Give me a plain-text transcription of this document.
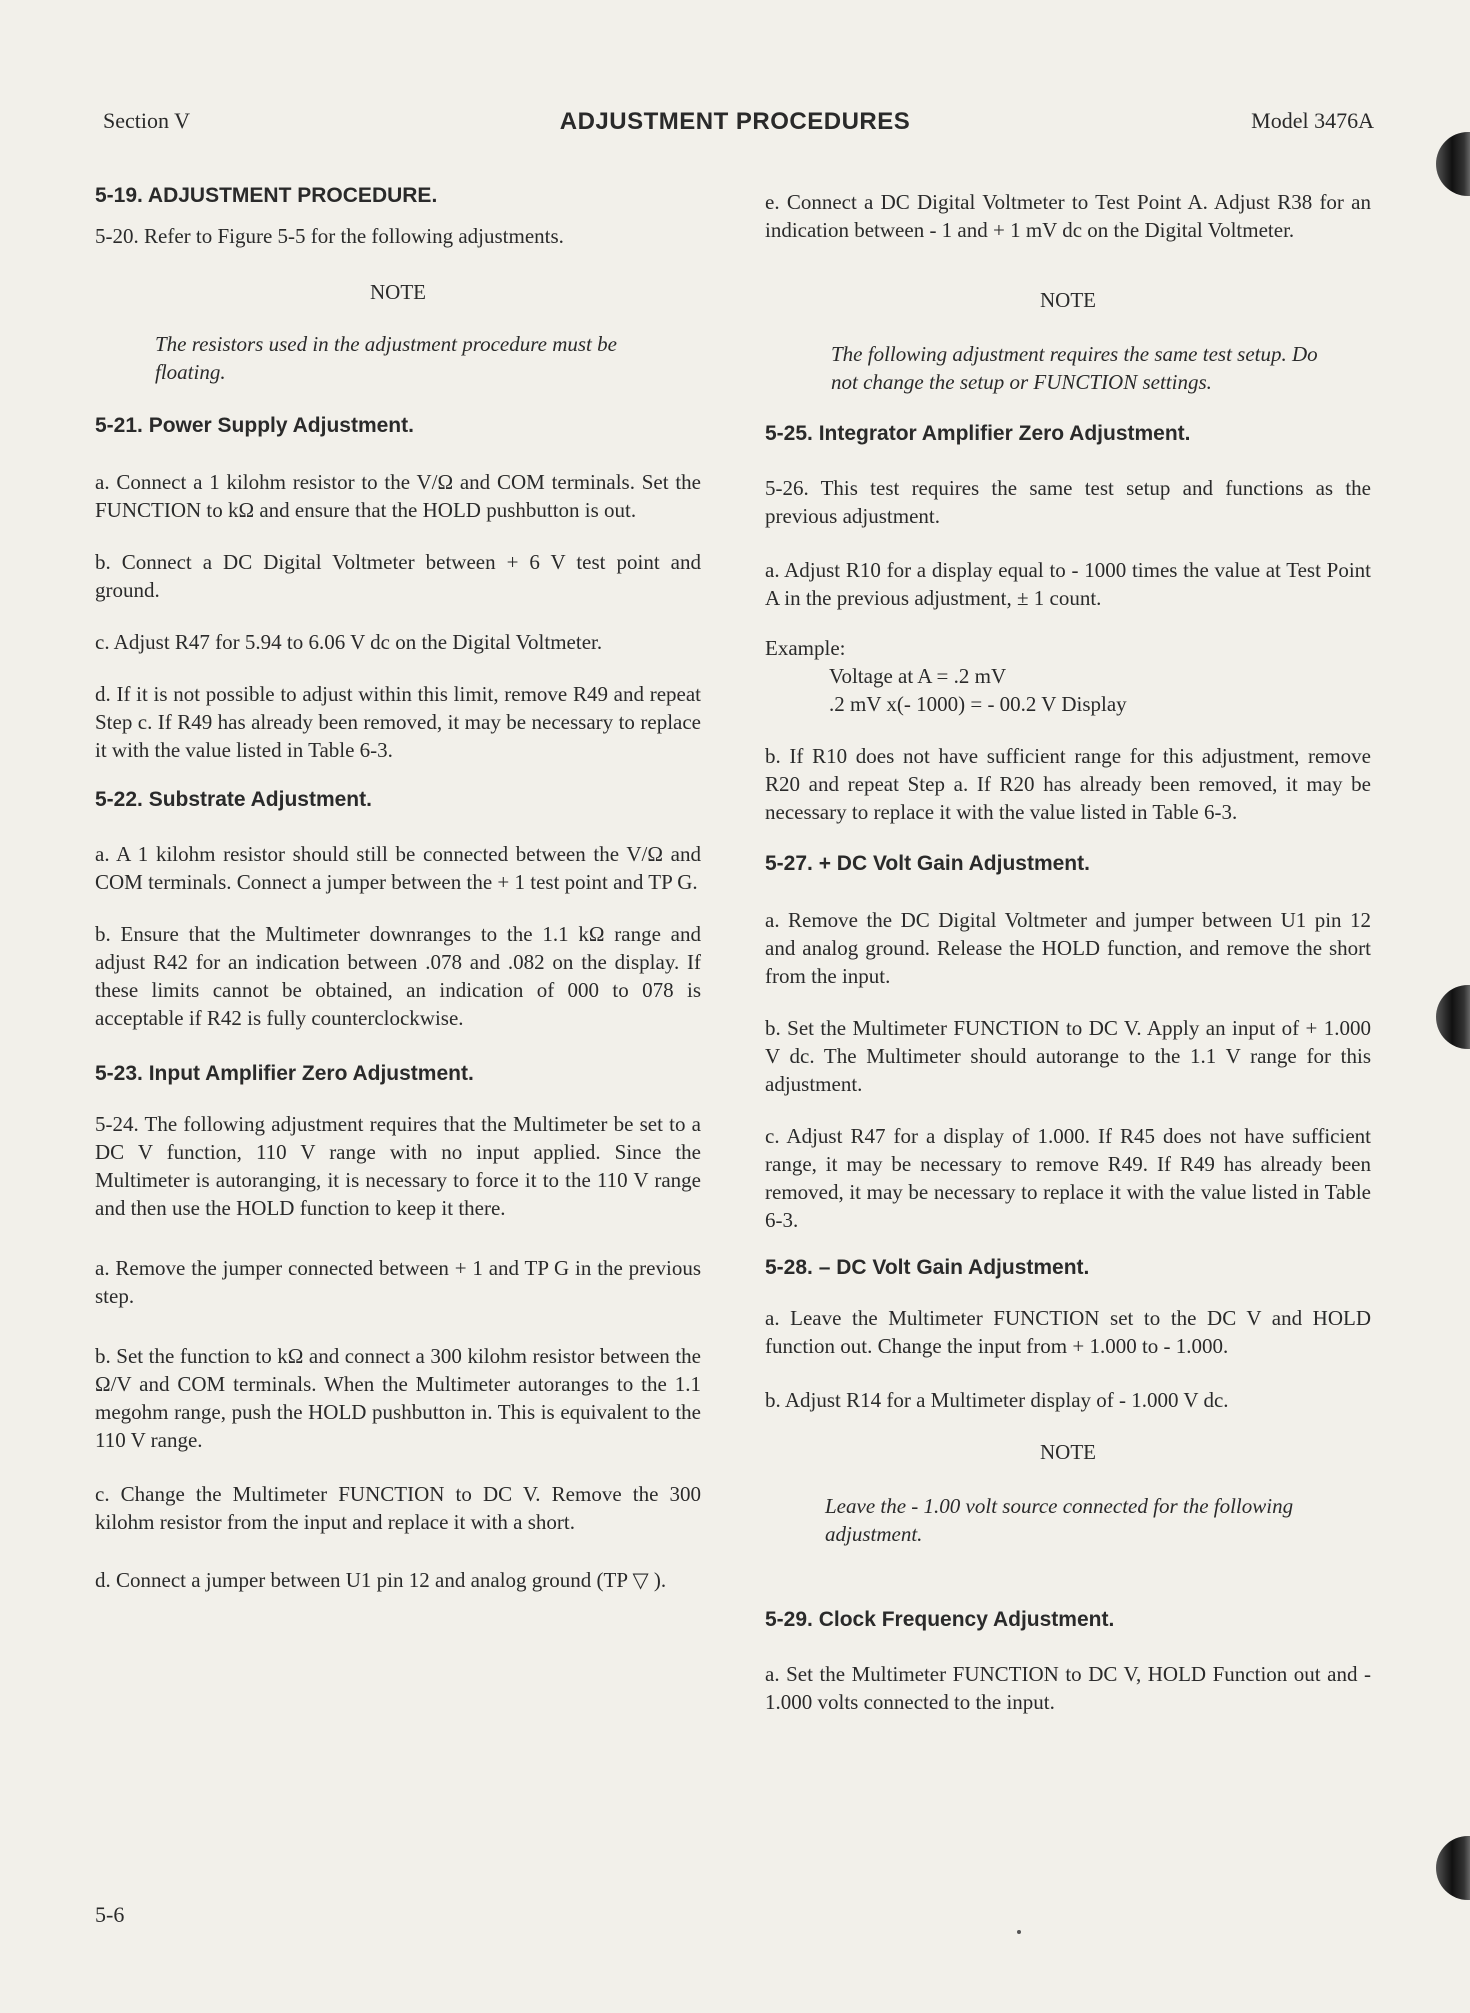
Section V	ADJUSTMENT PROCEDURES	Model 3476A

5-19. ADJUSTMENT PROCEDURE.

5-20. Refer to Figure 5-5 for the following adjustments.

NOTE

The resistors used in the adjustment procedure must be floating.

5-21. Power Supply Adjustment.

a. Connect a 1 kilohm resistor to the V/Ω and COM terminals. Set the FUNCTION to kΩ and ensure that the HOLD pushbutton is out.

b. Connect a DC Digital Voltmeter between + 6 V test point and ground.

c. Adjust R47 for 5.94 to 6.06 V dc on the Digital Voltmeter.

d. If it is not possible to adjust within this limit, remove R49 and repeat Step c. If R49 has already been removed, it may be necessary to replace it with the value listed in Table 6-3.

5-22. Substrate Adjustment.

a. A 1 kilohm resistor should still be connected between the V/Ω and COM terminals. Connect a jumper between the + 1 test point and TP G.

b. Ensure that the Multimeter downranges to the 1.1 kΩ range and adjust R42 for an indication between .078 and .082 on the display. If these limits cannot be obtained, an indication of 000 to 078 is acceptable if R42 is fully counterclockwise.

5-23. Input Amplifier Zero Adjustment.

5-24. The following adjustment requires that the Multimeter be set to a DC V function, 110 V range with no input applied. Since the Multimeter is autoranging, it is necessary to force it to the 110 V range and then use the HOLD function to keep it there.

a. Remove the jumper connected between + 1 and TP G in the previous step.

b. Set the function to kΩ and connect a 300 kilohm resistor between the Ω/V and COM terminals. When the Multimeter autoranges to the 1.1 megohm range, push the HOLD pushbutton in. This is equivalent to the 110 V range.

c. Change the Multimeter FUNCTION to DC V. Remove the 300 kilohm resistor from the input and replace it with a short.

d. Connect a jumper between U1 pin 12 and analog ground (TP ▽ ).

e. Connect a DC Digital Voltmeter to Test Point A. Adjust R38 for an indication between - 1 and + 1 mV dc on the Digital Voltmeter.

NOTE

The following adjustment requires the same test setup. Do not change the setup or FUNCTION settings.

5-25. Integrator Amplifier Zero Adjustment.

5-26. This test requires the same test setup and functions as the previous adjustment.

a. Adjust R10 for a display equal to - 1000 times the value at Test Point A in the previous adjustment, ± 1 count.

Example:

Voltage at A = .2 mV

.2 mV x(- 1000) = - 00.2 V Display

b. If R10 does not have sufficient range for this adjustment, remove R20 and repeat Step a. If R20 has already been removed, it may be necessary to replace it with the value listed in Table 6-3.

5-27. + DC Volt Gain Adjustment.

a. Remove the DC Digital Voltmeter and jumper between U1 pin 12 and analog ground. Release the HOLD function, and remove the short from the input.

b. Set the Multimeter FUNCTION to DC V. Apply an input of + 1.000 V dc. The Multimeter should autorange to the 1.1 V range for this adjustment.

c. Adjust R47 for a display of 1.000. If R45 does not have sufficient range, it may be necessary to remove R49. If R49 has already been removed, it may be necessary to replace it with the value listed in Table 6-3.

5-28. – DC Volt Gain Adjustment.

a. Leave the Multimeter FUNCTION set to the DC V and HOLD function out. Change the input from + 1.000 to - 1.000.

b. Adjust R14 for a Multimeter display of - 1.000 V dc.

NOTE

Leave the - 1.00 volt source connected for the following adjustment.

5-29. Clock Frequency Adjustment.

a. Set the Multimeter FUNCTION to DC V, HOLD Function out and - 1.000 volts connected to the input.

5-6
